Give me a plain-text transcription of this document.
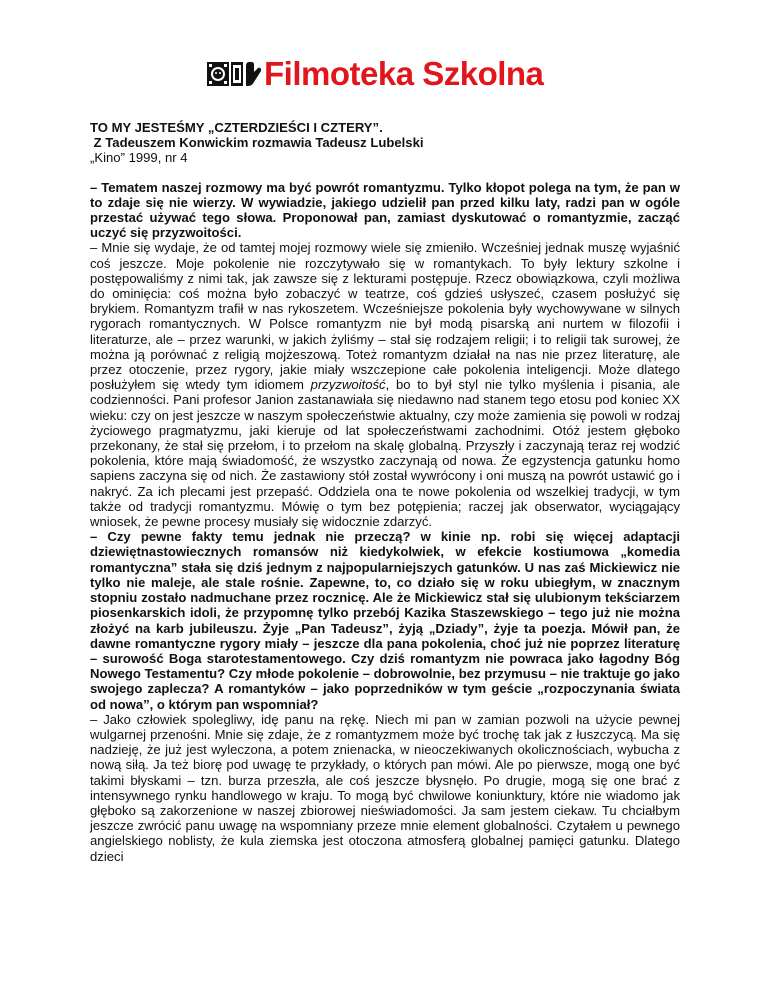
Filmoteka Szkolna
TO MY JESTEŚMY „CZTERDZIEŚCI I CZTERY”.
Z Tadeuszem Konwickim rozmawia Tadeusz Lubelski
„Kino” 1999, nr 4

– Tematem naszej rozmowy ma być powrót romantyzmu. Tylko kłopot polega na tym, że pan w to zdaje się nie wierzy. W wywiadzie, jakiego udzielił pan przed kilku laty, radzi pan w ogóle przestać używać tego słowa. Proponował pan, zamiast dyskutować o romantyzmie, zacząć uczyć się przyzwoitości.

– Mnie się wydaje, że od tamtej mojej rozmowy wiele się zmieniło. Wcześniej jednak muszę wyjaśnić coś jeszcze. Moje pokolenie nie rozczytywało się w romantykach. To były lektury szkolne i postępowaliśmy z nimi tak, jak zawsze się z lekturami postępuje. Rzecz obowiązkowa, czyli możliwa do ominięcia: coś można było zobaczyć w teatrze, coś gdzieś usłyszeć, czasem posłużyć się brykiem. Romantyzm trafił w nas rykoszetem. Wcześniejsze pokolenia były wychowywane w silnych rygorach romantycznych. W Polsce romantyzm nie był modą pisarską ani nurtem w filozofii i literaturze, ale – przez warunki, w jakich żyliśmy – stał się rodzajem religii; i to religii tak surowej, że można ją porównać z religią mojżeszową. Toteż romantyzm działał na nas nie przez literaturę, ale przez otoczenie, przez rygory, jakie miały wszczepione całe pokolenia inteligencji. Może dlatego posłużyłem się wtedy tym idiomem przyzwoitość, bo to był styl nie tylko myślenia i pisania, ale codzienności. Pani profesor Janion zastanawiała się niedawno nad stanem tego etosu pod koniec XX wieku: czy on jest jeszcze w naszym społeczeństwie aktualny, czy może zamienia się powoli w rodzaj życiowego pragmatyzmu, jaki kieruje od lat społeczeństwami zachodnimi. Otóż jestem głęboko przekonany, że stał się przełom, i to przełom na skalę globalną. Przyszły i zaczynają teraz rej wodzić pokolenia, które mają świadomość, że wszystko zaczynają od nowa. Że egzystencja gatunku homo sapiens zaczyna się od nich. Że zastawiony stół został wywrócony i oni muszą na powrót ustawić go i nakryć. Za ich plecami jest przepaść. Oddziela ona te nowe pokolenia od wszelkiej tradycji, w tym także od tradycji romantyzmu. Mówię o tym bez potępienia; raczej jak obserwator, wyciągający wniosek, że pewne procesy musiały się widocznie zdarzyć.

– Czy pewne fakty temu jednak nie przeczą? w kinie np. robi się więcej adaptacji dziewiętnastowiecznych romansów niż kiedykolwiek, w efekcie kostiumowa „komedia romantyczna” stała się dziś jednym z najpopularniejszych gatunków. U nas zaś Mickiewicz nie tylko nie maleje, ale stale rośnie. Zapewne, to, co działo się w roku ubiegłym, w znacznym stopniu zostało nadmuchane przez rocznicę. Ale że Mickiewicz stał się ulubionym tekściarzem piosenkarskich idoli, że przypomnę tylko przebój Kazika Staszewskiego – tego już nie można złożyć na karb jubileuszu. Żyje „Pan Tadeusz”, żyją „Dziady”, żyje ta poezja. Mówił pan, że dawne romantyczne rygory miały – jeszcze dla pana pokolenia, choć już nie poprzez literaturę – surowość Boga starotestamentowego. Czy dziś romantyzm nie powraca jako łagodny Bóg Nowego Testamentu? Czy młode pokolenie – dobrowolnie, bez przymusu – nie traktuje go jako swojego zaplecza? A romantyków – jako poprzedników w tym geście „rozpoczynania świata od nowa”, o którym pan wspomniał?

– Jako człowiek spolegliwy, idę panu na rękę. Niech mi pan w zamian pozwoli na użycie pewnej wulgarnej przenośni. Mnie się zdaje, że z romantyzmem może być trochę tak jak z łuszczycą. Ma się nadzieję, że już jest wyleczona, a potem znienacka, w nieoczekiwanych okolicznościach, wybucha z nową siłą. Ja też biorę pod uwagę te przykłady, o których pan mówi. Ale po pierwsze, mogą one być takimi błyskami – tzn. burza przeszła, ale coś jeszcze błysnęło. Po drugie, mogą się one brać z intensywnego rynku handlowego w kraju. To mogą być chwilowe koniunktury, które nie wiadomo jak głęboko są zakorzenione w naszej zbiorowej nieświadomości. Ja sam jestem ciekaw. Tu chciałbym jeszcze zwrócić panu uwagę na wspomniany przeze mnie element globalności. Czytałem u pewnego angielskiego noblisty, że kula ziemska jest otoczona atmosferą globalnej pamięci gatunku. Dlatego dzieci
